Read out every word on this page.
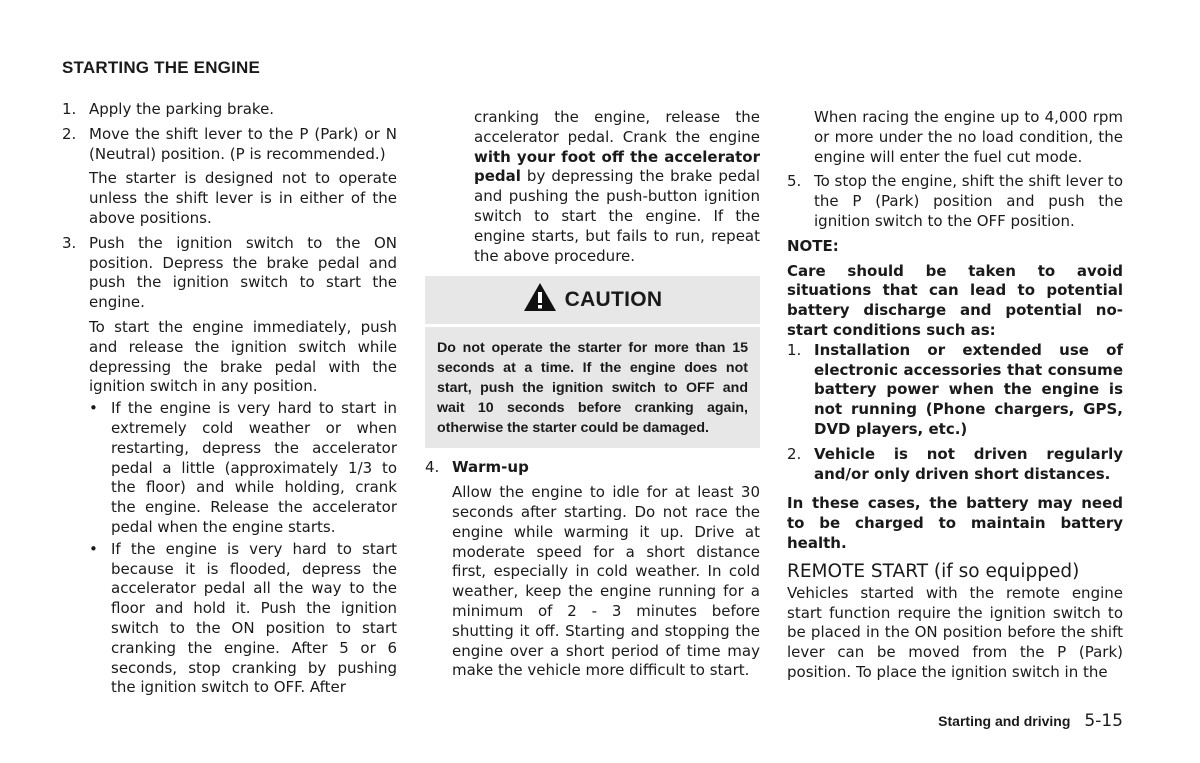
STARTING THE ENGINE
1. Apply the parking brake.
2. Move the shift lever to the P (Park) or N (Neutral) position. (P is recommended.)

The starter is designed not to operate unless the shift lever is in either of the above positions.

3. Push the ignition switch to the ON position. Depress the brake pedal and push the ignition switch to start the engine.

To start the engine immediately, push and release the ignition switch while depressing the brake pedal with the ignition switch in any position.

• If the engine is very hard to start in extremely cold weather or when restarting, depress the accelerator pedal a little (approximately 1/3 to the floor) and while holding, crank the engine. Release the accelerator pedal when the engine starts.
• If the engine is very hard to start because it is flooded, depress the accelerator pedal all the way to the floor and hold it. Push the ignition switch to the ON position to start cranking the engine. After 5 or 6 seconds, stop cranking by pushing the ignition switch to OFF. After

cranking the engine, release the accelerator pedal. Crank the engine with your foot off the accelerator pedal by depressing the brake pedal and pushing the push-button ignition switch to start the engine. If the engine starts, but fails to run, repeat the above procedure.

CAUTION
Do not operate the starter for more than 15 seconds at a time. If the engine does not start, push the ignition switch to OFF and wait 10 seconds before cranking again, otherwise the starter could be damaged.
4. Warm-up

Allow the engine to idle for at least 30 seconds after starting. Do not race the engine while warming it up. Drive at moderate speed for a short distance first, especially in cold weather. In cold weather, keep the engine running for a minimum of 2 - 3 minutes before shutting it off. Starting and stopping the engine over a short period of time may make the vehicle more difficult to start.

When racing the engine up to 4,000 rpm or more under the no load condition, the engine will enter the fuel cut mode.

5. To stop the engine, shift the shift lever to the P (Park) position and push the ignition switch to the OFF position.

NOTE:

Care should be taken to avoid situations that can lead to potential battery discharge and potential no-start conditions such as:

1. Installation or extended use of electronic accessories that consume battery power when the engine is not running (Phone chargers, GPS, DVD players, etc.)
2. Vehicle is not driven regularly and/or only driven short distances.

In these cases, the battery may need to be charged to maintain battery health.

REMOTE START (if so equipped)

Vehicles started with the remote engine start function require the ignition switch to be placed in the ON position before the shift lever can be moved from the P (Park) position. To place the ignition switch in the

Starting and driving 5-15
